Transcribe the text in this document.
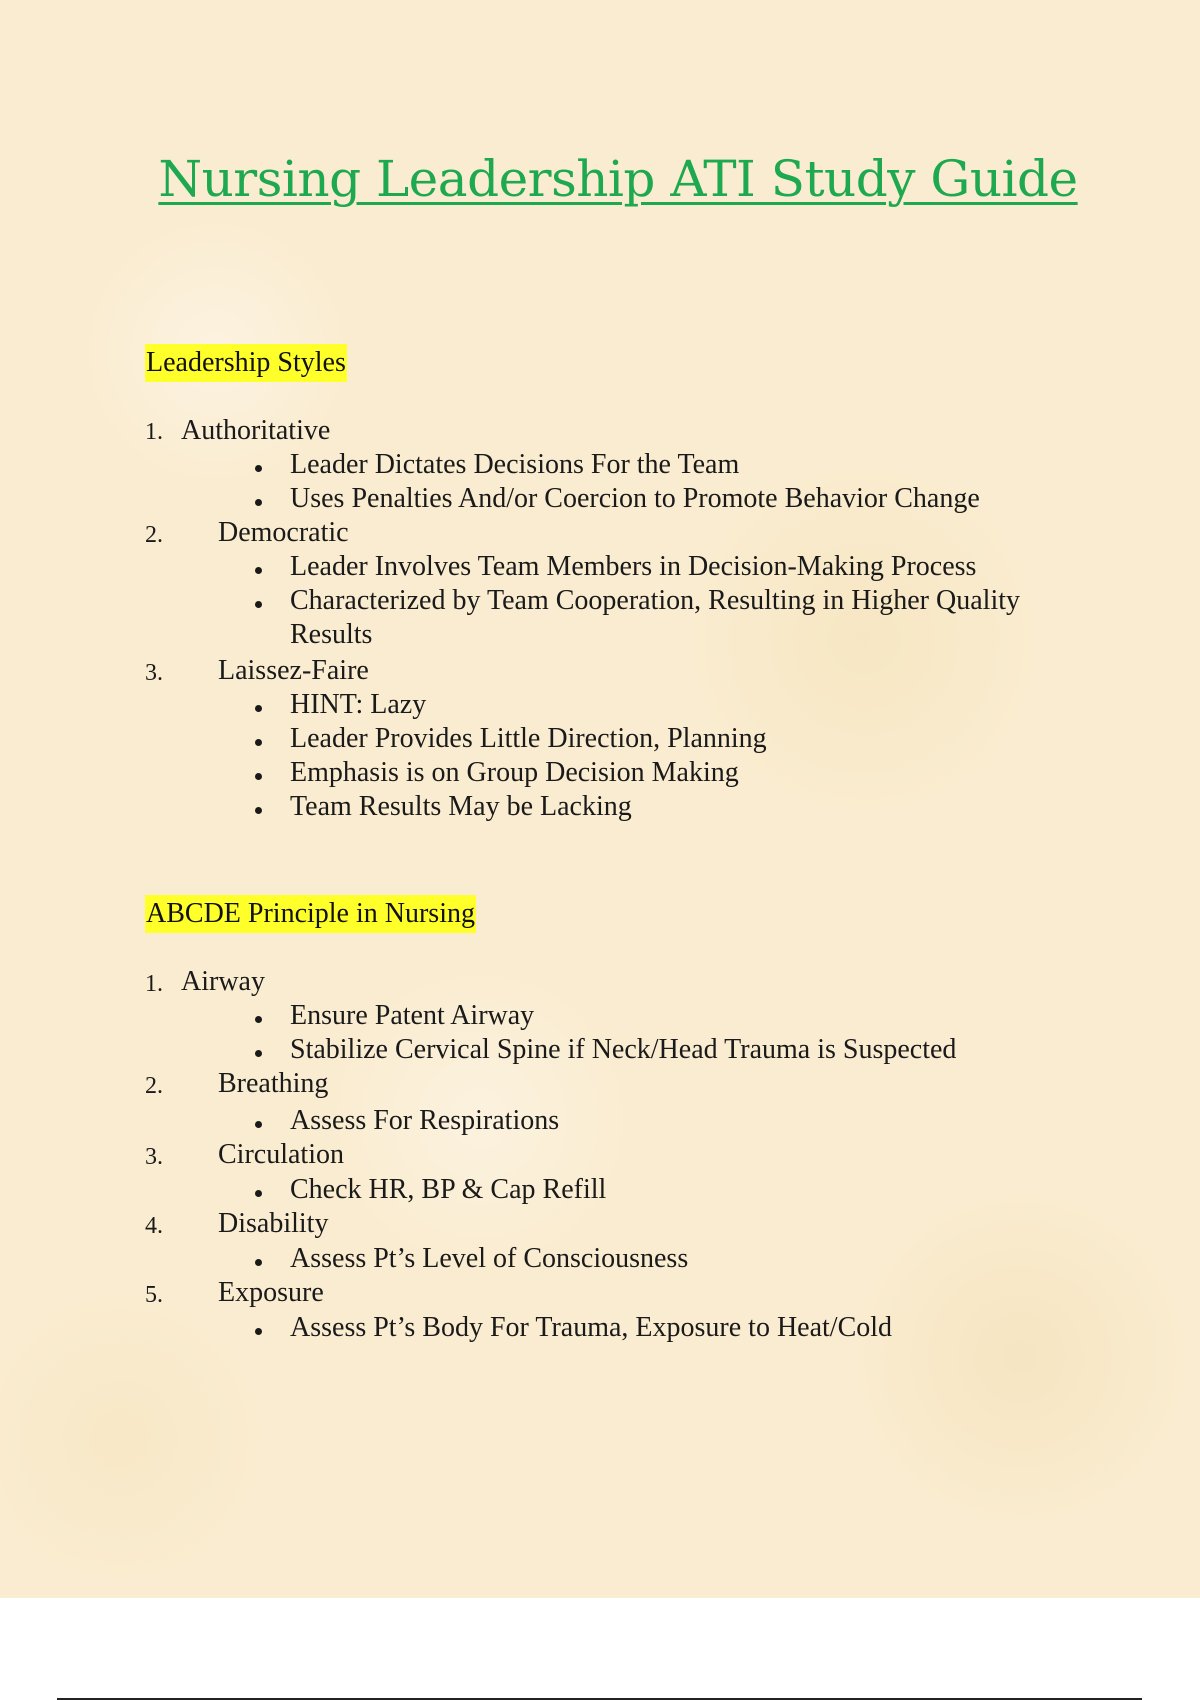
Nursing Leadership ATI Study Guide
Leadership Styles
1. Authoritative
Leader Dictates Decisions For the Team
Uses Penalties And/or Coercion to Promote Behavior Change
2. Democratic
Leader Involves Team Members in Decision-Making Process
Characterized by Team Cooperation, Resulting in Higher Quality
Results
3. Laissez-Faire
HINT: Lazy
Leader Provides Little Direction, Planning
Emphasis is on Group Decision Making
Team Results May be Lacking
ABCDE Principle in Nursing
1. Airway
Ensure Patent Airway
Stabilize Cervical Spine if Neck/Head Trauma is Suspected
2. Breathing
Assess For Respirations
3. Circulation
Check HR, BP & Cap Refill
4. Disability
Assess Pt’s Level of Consciousness
5. Exposure
Assess Pt’s Body For Trauma, Exposure to Heat/Cold
